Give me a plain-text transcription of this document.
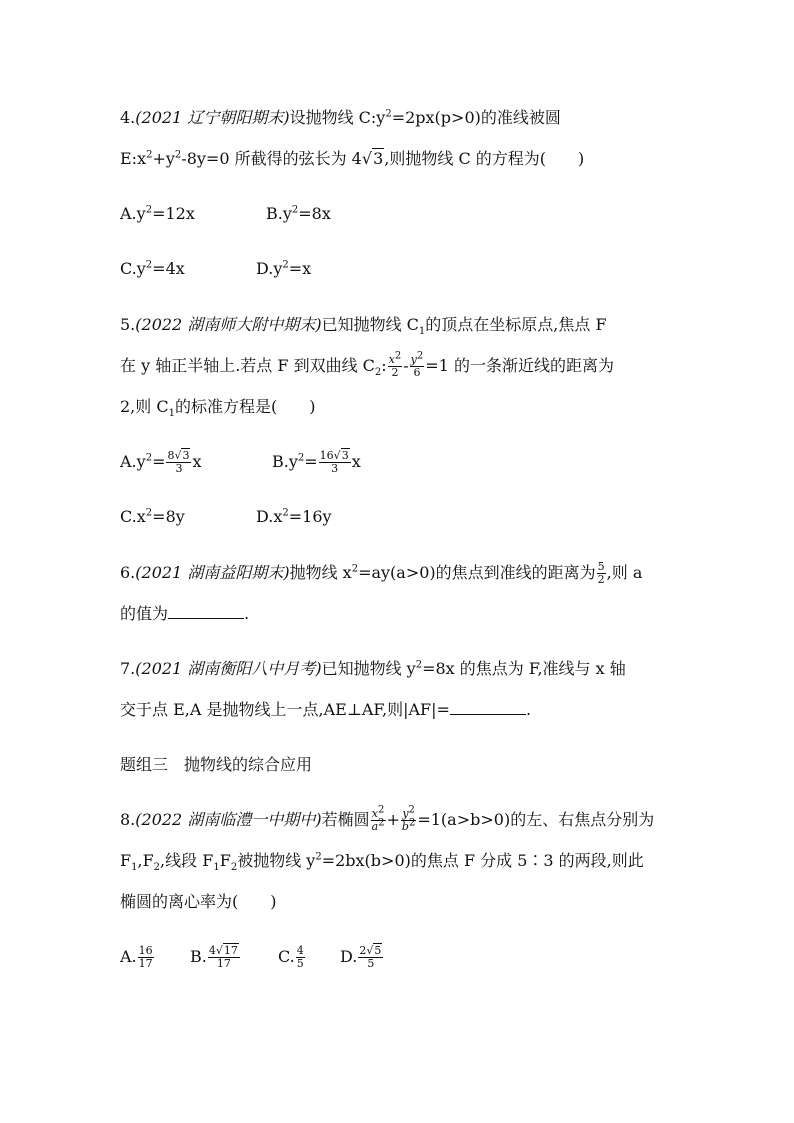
4.(2021 辽宁朝阳期末)设抛物线 $C:y^2=2px(p>0)$的准线被圆
$E:x^2+y^2-8y=0$ 所截得的弦长为 4√3,则抛物线 C 的方程为(　　)
$A.y^2=12x$	$B.y^2=8x$
$C.y^2=4x$	$D.y^2=x$
5.(2022 湖南师大附中期末)已知抛物线 $C_1$的顶点在坐标原点,焦点 F
在 y 轴正半轴上.若点 F 到双曲线 $C_2$: $\frac{x^2}{2} - \frac{y^2}{6} =1$ 的一条渐近线的距离为
2,则 $C_1$的标准方程是(　　)
$A.y^2= \frac{8√3}{3}$ x	$B.y^2= \frac{16√3}{3}$ x
$C.x^2=8y$	$D.x^2=16y$
6.(2021 湖南益阳期末)抛物线 $x^2=ay(a>0)$的焦点到准线的距离为 $\frac{5}{2}$ ,则 a
的值为	.
7.(2021 湖南衡阳八中月考)已知抛物线 $y^2=8x$ 的焦点为 F,准线与 x 轴
交于点 E,A 是抛物线上一点,AE⊥AF,则|AF|=	.
题组三　抛物线的综合应用
8.(2022 湖南临澧一中期中)若椭圆 $\frac{x^2}{a^2} + \frac{y^2}{b^2} =1(a>b>0)$的左、右焦点分别为
$F_1,F_2$,线段 $F_1F_2$被抛物线 $y^2=2bx(b>0)$的焦点 F 分成 5∶3 的两段,则此
椭圆的离心率为(　　)
A. $\frac{16}{17} B$. $\frac{4√17}{17} C$. $\frac{4}{5} D$. $\frac{2√5}{5}$
